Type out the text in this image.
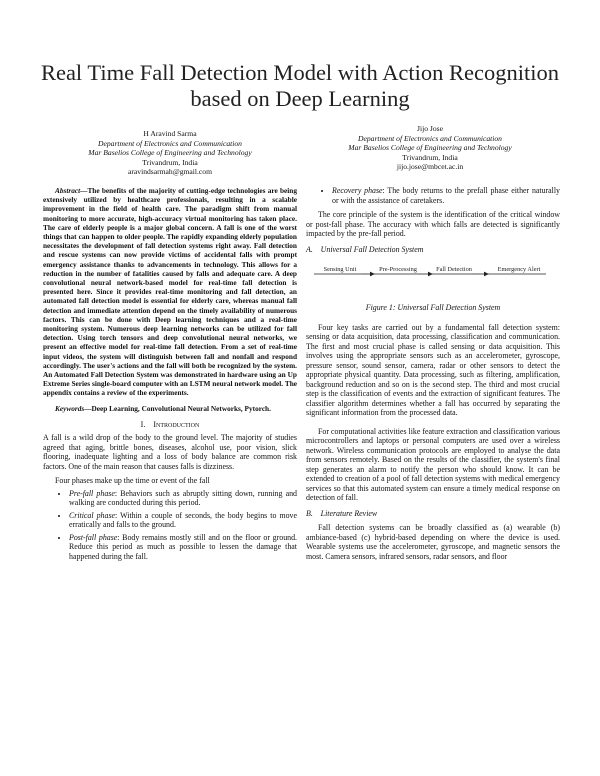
Real Time Fall Detection Model with Action Recognition based on Deep Learning
H Aravind Sarma
Department of Electronics and Communication
Mar Baselios College of Engineering and Technology
Trivandrum, India
aravindsarmah@gmail.com
Jijo Jose
Department of Electronics and Communication
Mar Baselios College of Engineering and Technology
Trivandrum, India
jijo.jose@mbcet.ac.in

Abstract—The benefits of the majority of cutting-edge technologies are being extensively utilized by healthcare professionals, resulting in a scalable improvement in the field of health care. The paradigm shift from manual monitoring to more accurate, high-accuracy virtual monitoring has taken place. The care of elderly people is a major global concern. A fall is one of the worst things that can happen to older people. The rapidly expanding elderly population necessitates the development of fall detection systems right away. Fall detection and rescue systems can now provide victims of accidental falls with prompt emergency assistance thanks to advancements in technology. This allows for a reduction in the number of fatalities caused by falls and adequate care. A deep convolutional neural network-based model for real-time fall detection is presented here. Since it provides real-time monitoring and fall detection, an automated fall detection model is essential for elderly care, whereas manual fall detection and immediate attention depend on the timely availability of numerous factors. This can be done with Deep learning techniques and a real-time monitoring system. Numerous deep learning networks can be utilized for fall detection. Using torch tensors and deep convolutional neural networks, we present an effective model for real-time fall detection. From a set of real-time input videos, the system will distinguish between fall and nonfall and respond accordingly. The user's actions and the fall will both be recognized by the system. An Automated Fall Detection System was demonstrated in hardware using an Up Extreme Series single-board computer with an LSTM neural network model. The appendix contains a review of the experiments.

Keywords—Deep Learning, Convolutional Neural Networks, Pytorch.

I. Introduction

A fall is a wild drop of the body to the ground level. The majority of studies agreed that aging, brittle bones, diseases, alcohol use, poor vision, slick flooring, inadequate lighting and a loss of body balance are common risk factors. One of the main reason that causes falls is dizziness.

Four phases make up the time or event of the fall

• Pre-fall phase: Behaviors such as abruptly sitting down, running and walking are conducted during this period.
• Critical phase: Within a couple of seconds, the body begins to move erratically and falls to the ground.
• Post-fall phase: Body remains mostly still and on the floor or ground. Reduce this period as much as possible to lessen the damage that happened during the fall.
• Recovery phase: The body returns to the prefall phase either naturally or with the assistance of caretakers.

The core principle of the system is the identification of the critical window or post-fall phase. The accuracy with which falls are detected is significantly impacted by the pre-fall period.

A. Universal Fall Detection System

Sensing Unit	Pre-Processing	Fall Detection	Emergency Alert

Figure 1: Universal Fall Detection System

Four key tasks are carried out by a fundamental fall detection system: sensing or data acquisition, data processing, classification and communication. The first and most crucial phase is called sensing or data acquisition. This involves using the appropriate sensors such as an accelerometer, gyroscope, pressure sensor, sound sensor, camera, radar or other sensors to detect the appropriate physical quantity. Data processing, such as filtering, amplification, background reduction and so on is the second step. The third and most crucial step is the classification of events and the extraction of significant features. The classifier algorithm determines whether a fall has occurred by separating the significant information from the processed data.

For computational activities like feature extraction and classification various microcontrollers and laptops or personal computers are used over a wireless network. Wireless communication protocols are employed to analyse the data from sensors remotely. Based on the results of the classifier, the system's final step generates an alarm to notify the person who should know. It can be extended to creation of a pool of fall detection systems with medical emergency services so that this automated system can ensure a timely medical response on detection of fall.

B. Literature Review

Fall detection systems can be broadly classified as (a) wearable (b) ambiance-based (c) hybrid-based depending on where the device is used. Wearable systems use the accelerometer, gyroscope, and magnetic sensors the most. Camera sensors, infrared sensors, radar sensors, and floor
